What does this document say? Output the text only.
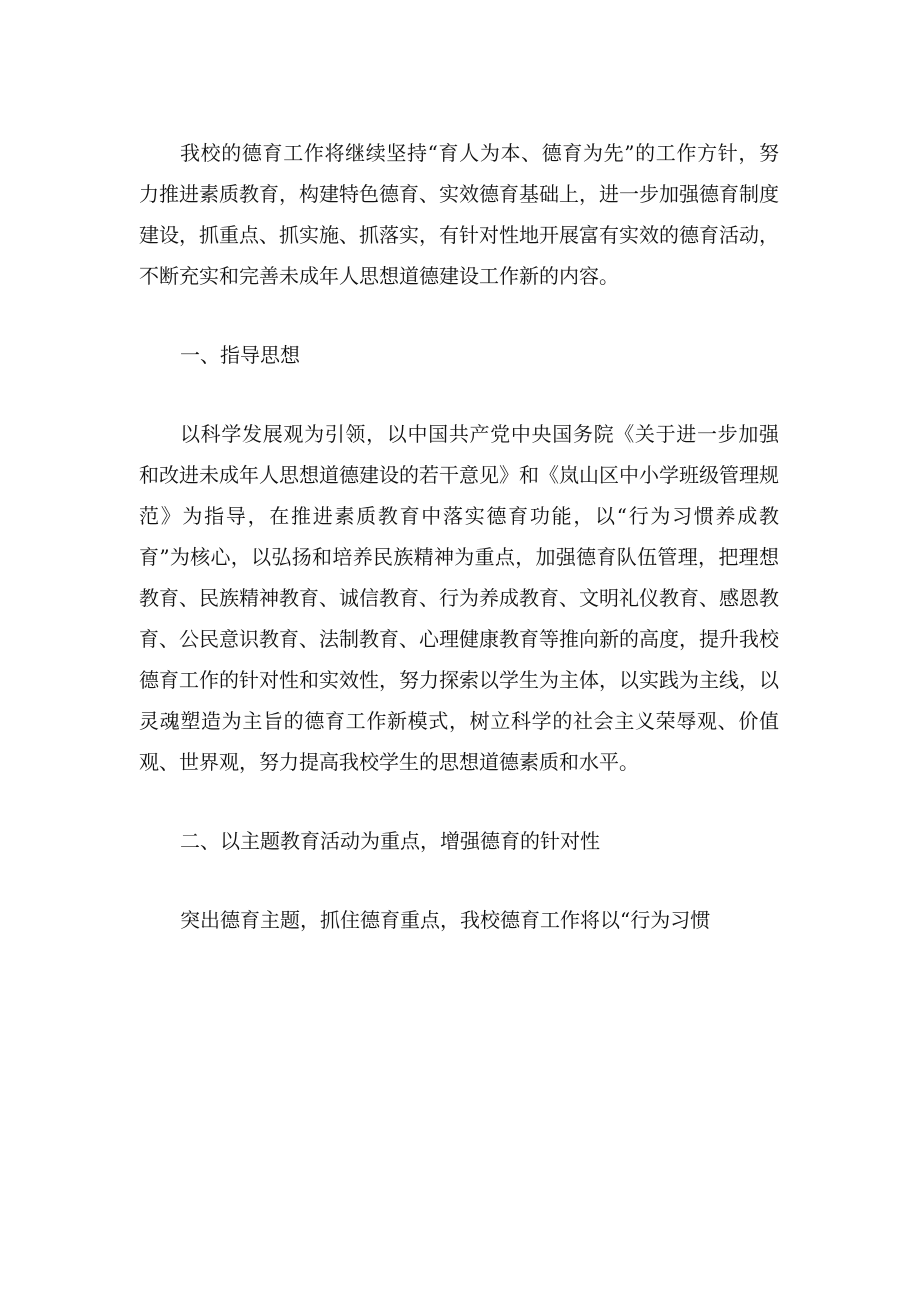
我校的德育工作将继续坚持“育人为本、德育为先”的工作方针，努力推进素质教育，构建特色德育、实效德育基础上，进一步加强德育制度建设，抓重点、抓实施、抓落实，有针对性地开展富有实效的德育活动，不断充实和完善未成年人思想道德建设工作新的内容。

一、指导思想

以科学发展观为引领，以中国共产党中央国务院《关于进一步加强和改进未成年人思想道德建设的若干意见》和《岚山区中小学班级管理规范》为指导，在推进素质教育中落实德育功能，以“行为习惯养成教育”为核心，以弘扬和培养民族精神为重点，加强德育队伍管理，把理想教育、民族精神教育、诚信教育、行为养成教育、文明礼仪教育、感恩教育、公民意识教育、法制教育、心理健康教育等推向新的高度，提升我校德育工作的针对性和实效性，努力探索以学生为主体，以实践为主线，以灵魂塑造为主旨的德育工作新模式，树立科学的社会主义荣辱观、价值观、世界观，努力提高我校学生的思想道德素质和水平。

二、以主题教育活动为重点，增强德育的针对性

突出德育主题，抓住德育重点，我校德育工作将以“行为习惯
